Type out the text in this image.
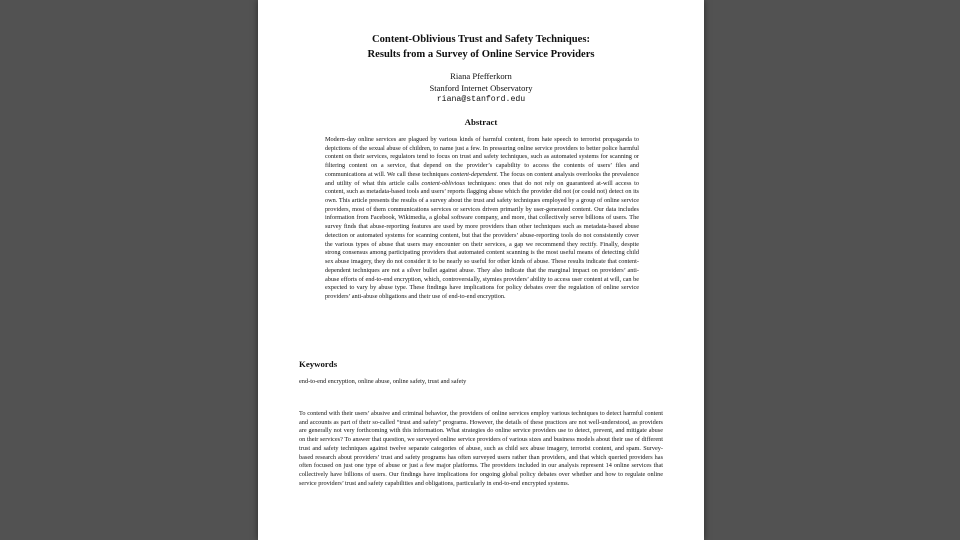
Content-Oblivious Trust and Safety Techniques:
Results from a Survey of Online Service Providers
Riana Pfefferkorn
Stanford Internet Observatory
riana@stanford.edu
Abstract

Modern-day online services are plagued by various kinds of harmful content, from hate speech to terrorist propaganda to depictions of the sexual abuse of children, to name just a few. In pressuring online service providers to better police harmful content on their services, regulators tend to focus on trust and safety techniques, such as automated systems for scanning or filtering content on a service, that depend on the provider’s capability to access the contents of users’ files and communications at will. We call these techniques content-dependent. The focus on content analysis overlooks the prevalence and utility of what this article calls content-oblivious techniques: ones that do not rely on guaranteed at-will access to content, such as metadata-based tools and users’ reports flagging abuse which the provider did not (or could not) detect on its own. This article presents the results of a survey about the trust and safety techniques employed by a group of online service providers, most of them communications services or services driven primarily by user-generated content. Our data includes information from Facebook, Wikimedia, a global software company, and more, that collectively serve billions of users. The survey finds that abuse-reporting features are used by more providers than other techniques such as metadata-based abuse detection or automated systems for scanning content, but that the providers’ abuse-reporting tools do not consistently cover the various types of abuse that users may encounter on their services, a gap we recommend they rectify. Finally, despite strong consensus among participating providers that automated content scanning is the most useful means of detecting child sex abuse imagery, they do not consider it to be nearly so useful for other kinds of abuse. These results indicate that content-dependent techniques are not a silver bullet against abuse. They also indicate that the marginal impact on providers’ anti-abuse efforts of end-to-end encryption, which, controversially, stymies providers’ ability to access user content at will, can be expected to vary by abuse type. These findings have implications for policy debates over the regulation of online service providers’ anti-abuse obligations and their use of end-to-end encryption.

Keywords
end-to-end encryption, online abuse, online safety, trust and safety

To contend with their users’ abusive and criminal behavior, the providers of online services employ various techniques to detect harmful content and accounts as part of their so-called “trust and safety” programs. However, the details of these practices are not well-understood, as providers are generally not very forthcoming with this information. What strategies do online service providers use to detect, prevent, and mitigate abuse on their services? To answer that question, we surveyed online service providers of various sizes and business models about their use of different trust and safety techniques against twelve separate categories of abuse, such as child sex abuse imagery, terrorist content, and spam. Survey-based research about providers’ trust and safety programs has often surveyed users rather than providers, and that which queried providers has often focused on just one type of abuse or just a few major platforms. The providers included in our analysis represent 14 online services that collectively have billions of users. Our findings have implications for ongoing global policy debates over whether and how to regulate online service providers’ trust and safety capabilities and obligations, particularly in end-to-end encrypted systems.
